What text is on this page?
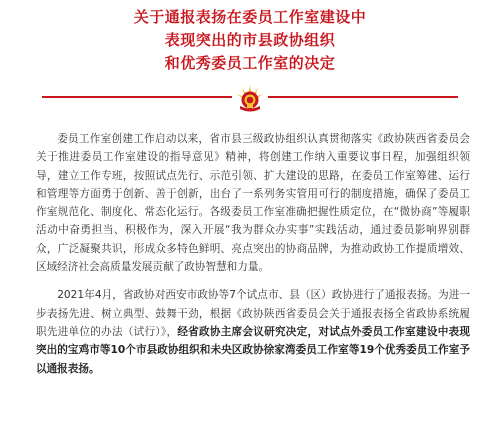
关于通报表扬在委员工作室建设中
表现突出的市县政协组织
和优秀委员工作室的决定

委员工作室创建工作启动以来，省市县三级政协组织认真贯彻落实《政协陕西省委员会关于推进委员工作室建设的指导意见》精神，将创建工作纳入重要议事日程，加强组织领导，建立工作专班，按照试点先行、示范引领、扩大建设的思路，在委员工作室筹建、运行和管理等方面勇于创新、善于创新，出台了一系列务实管用可行的制度措施，确保了委员工作室规范化、制度化、常态化运行。各级委员工作室准确把握性质定位，在“微协商”等履职活动中奋勇担当、积极作为，深入开展“我为群众办实事”实践活动，通过委员影响界别群众，广泛凝聚共识，形成众多特色鲜明、亮点突出的协商品牌，为推动政协工作提质增效、区域经济社会高质量发展贡献了政协智慧和力量。

2021年4月，省政协对西安市政协等7个试点市、县（区）政协进行了通报表扬。为进一步表扬先进、树立典型、鼓舞干劲，根据《政协陕西省委员会关于通报表扬全省政协系统履职先进单位的办法（试行）》，经省政协主席会议研究决定，对试点外委员工作室建设中表现突出的宝鸡市等10个市县政协组织和未央区政协徐家湾委员工作室等19个优秀委员工作室予以通报表扬。
